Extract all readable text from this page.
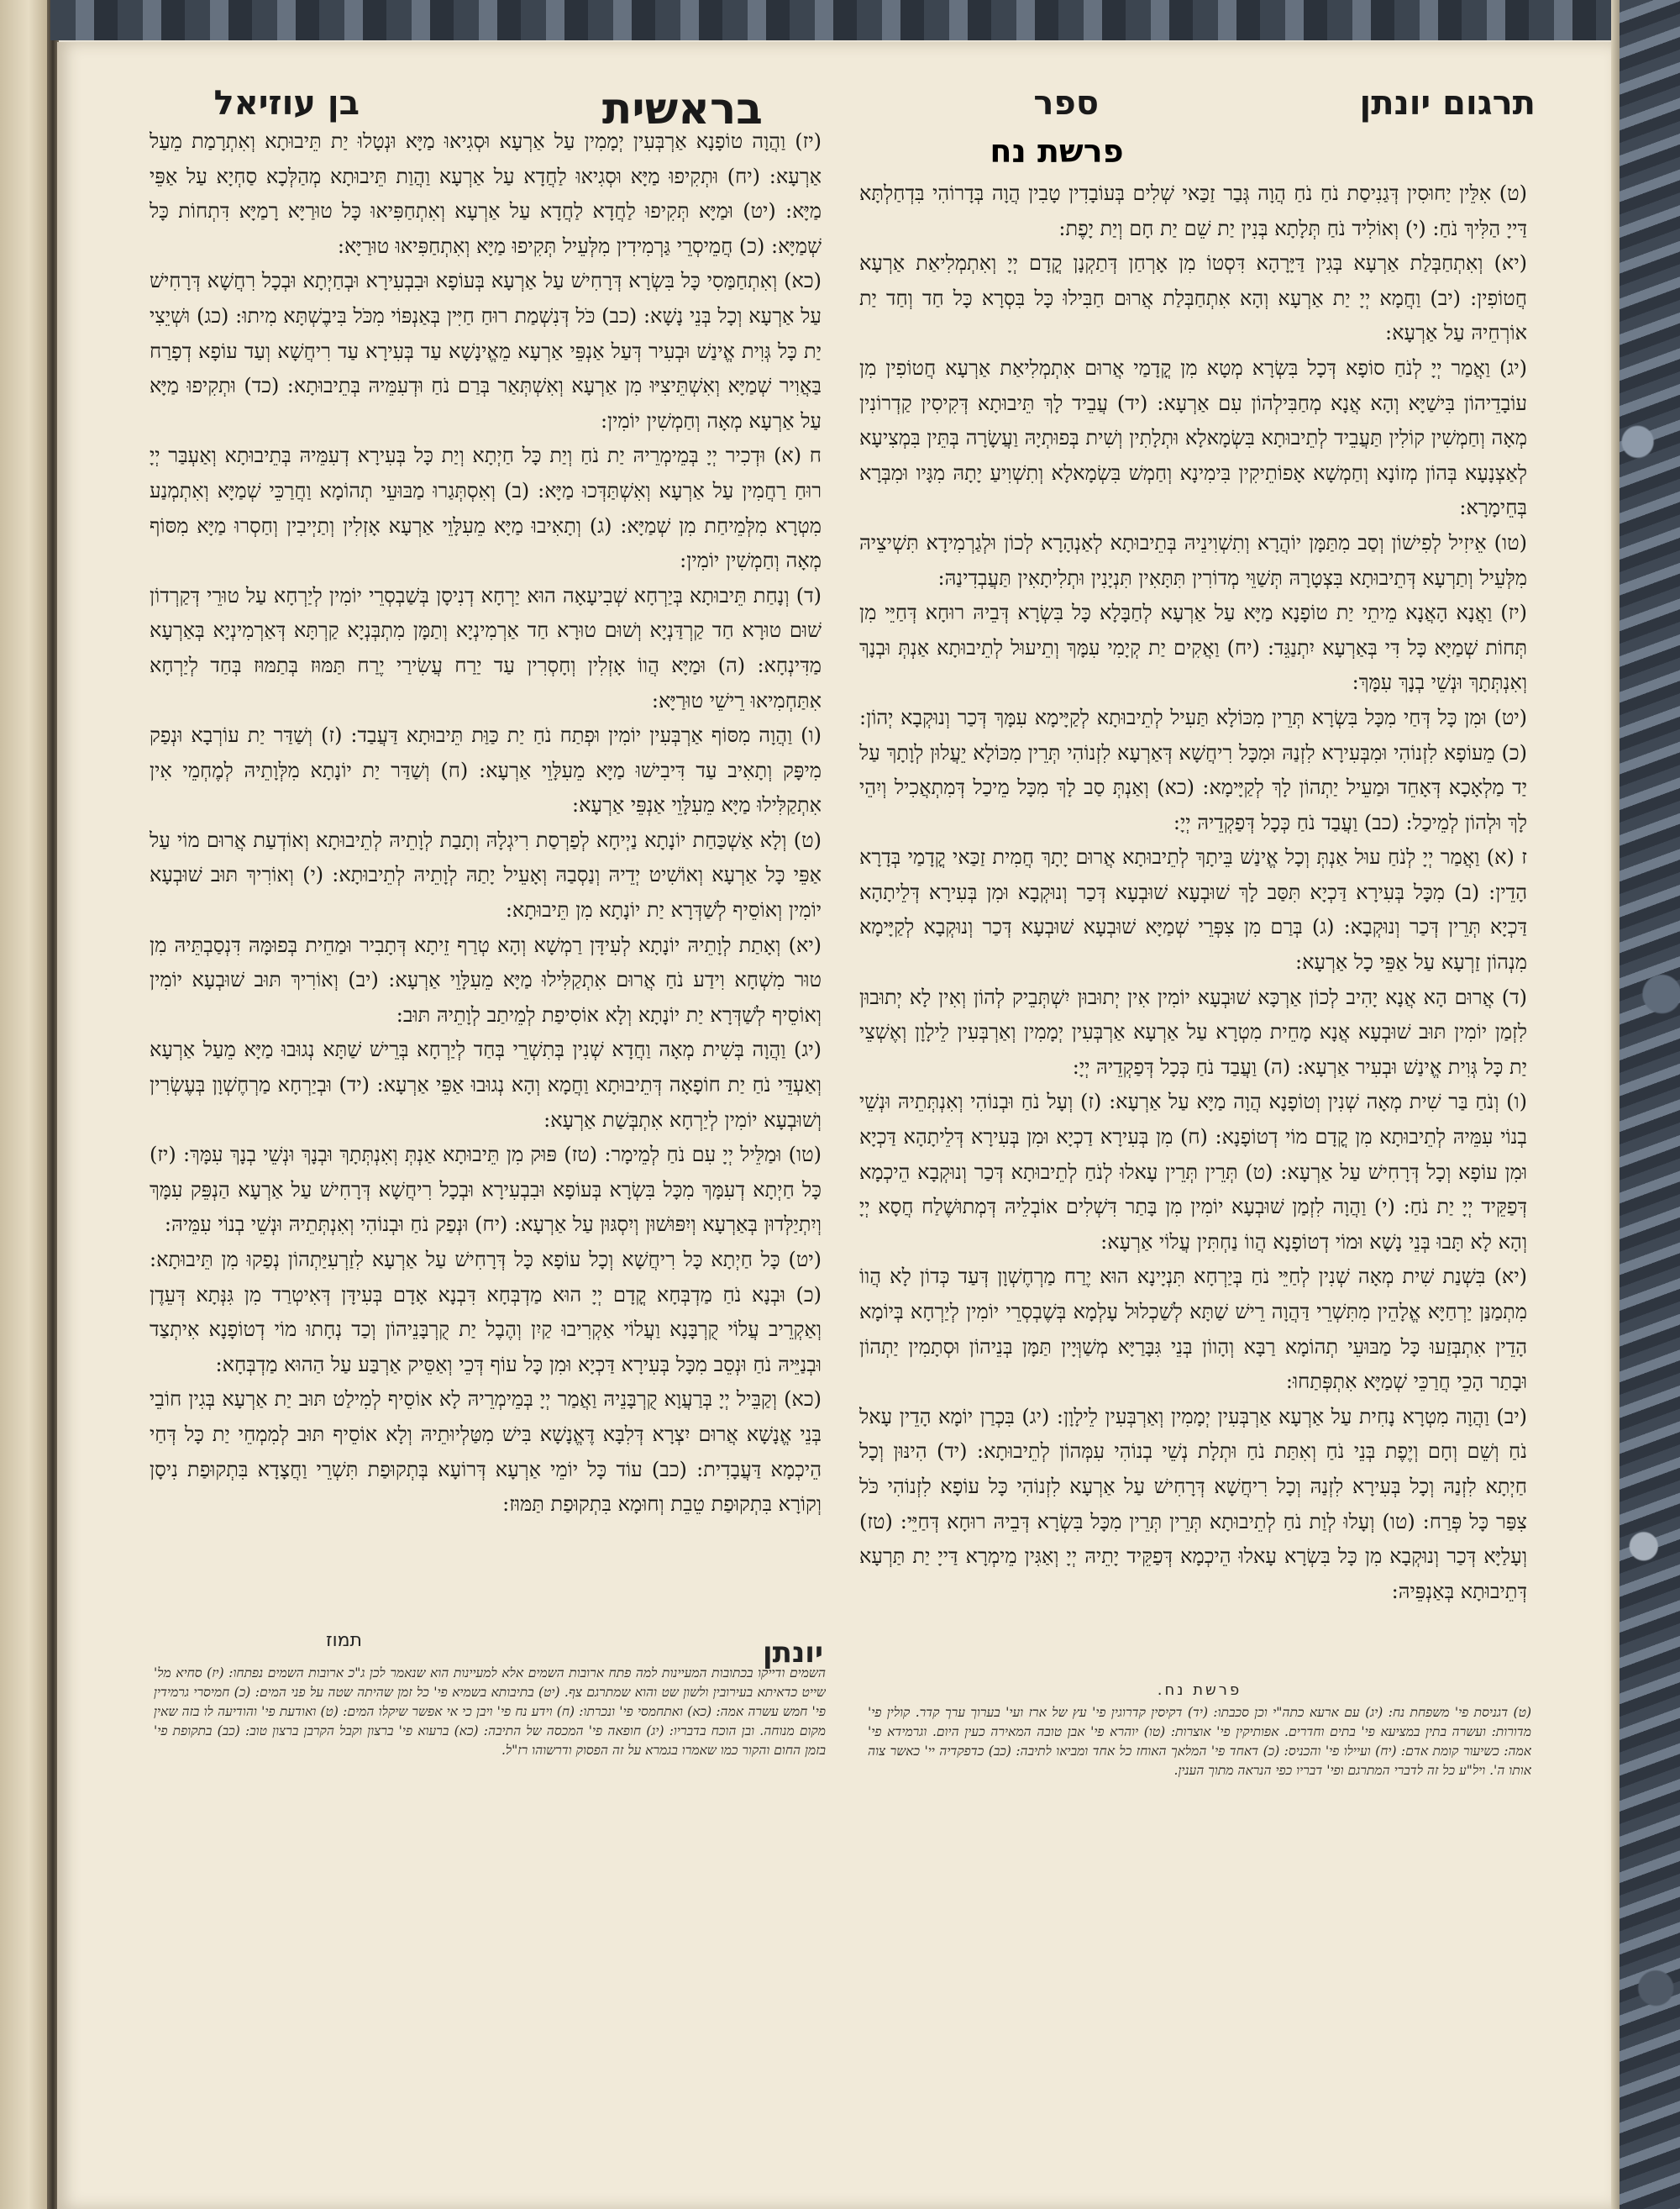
תרגום יונתן
ספר
בראשית
בן עוזיאל
פרשת נח

(ט) אִלֵּין יַחוּסִין דְּגַנִיסַת נֹחַ נֹחַ הֲוָה גְּבַר זַכַּאי שְׁלִים בְּעוֹבָדִין טָבִין הֲוָה בְּדָרוֹהִי בִּדְחַלְתָּא דַּייָ הַלִּיךְ נֹחַ: (י) וְאוֹלִיד נֹחַ תְּלָתָא בְּנִין יַת שֵׁם יַת חָם וְיַת יָפֶת:

(יא) וְאִתְחַבְּלַת אַרְעָא בְּגִין דַּיָּרָהָא דִּסְטוֹ מִן אָרְחַן דְּתַקְנָן קֳדָם יְיָ וְאִתְמְלִיאַת אַרְעָא חֲטוֹפִין: (יב) וַחֲמָא יְיָ יַת אַרְעָא וְהָא אִתְחַבְּלַת אֲרוּם חַבִּילוּ כָּל בִּסְרָא כָּל חַד וְחַד יַת אוֹרְחֵיהּ עַל אַרְעָא:

(יג) וַאֲמַר יְיָ לְנֹחַ סוֹפָא דְּכָל בִּשְׂרָא מְטָא מִן קֳדָמַי אֲרוּם אִתְמְלִיאַת אַרְעָא חֲטוֹפִין מִן עוֹבָדֵיהוֹן בִּישַׁיָּא וְהָא אֲנָא מְחַבִּילְהוֹן עִם אַרְעָא: (יד) עֲבֵיד לָךְ תֵּיבוּתָא דְּקִיסִין קַדְרוֹנִין מְאָה וְחַמְשִׁין קוֹלִין תַּעֲבֵיד לְתֵיבוּתָא בִּשְׂמָאלָא וּתְלָתִין וְשִׁית בְּפוּתְיָהּ וַעֲשָׂרָה בְּתֵּין בִּמְצִיעָא לְאַצְנָעָא בְּהוֹן מְזוֹנָא וְחַמְשָׁא אָפוֹתֵיקִין בִּימִינָא וְחַמְשׁ בִּשְׂמָאלָא וְתִשְׁוִיעַ יָתָהּ מִגָּיו וּמִבְּרָא בְּחֵימָרָא:

(טו) אֵיזִיל לְפִישׁוֹן וְסַב מִתַּמָּן יוֹהֲרָא וְתִשְׁוִינֵיהּ בְּתֵיבוּתָא לְאַנְהָרָא לְכוֹן וּלְגַרְמִידָא תִּשְׁיצֵיהּ מִלְּעֵיל וְתַרְעָא דְּתֵיבוּתָא בִּצְטָרָהּ תְּשַׁוֵּי מְדוֹרִין תִּתָּאִין תִּנְיָנִין וּתְלִיתָאִין תַּעֲבְדִינַהּ:

(יז) וַאֲנָא הָאֲנָא מֵיתֵי יַת טוֹפָנָא מַיָּא עַל אַרְעָא לְחַבָּלָא כָּל בִּשְׂרָא דְּבֵיהּ רוּחָא דְּחַיֵּי מִן תְּחוֹת שְׁמַיָּא כָּל דִּי בְּאַרְעָא יִתְנַגֵּד: (יח) וַאֲקִים יַת קְיָמִי עִמָּךְ וְתֵיעוּל לְתֵיבוּתָא אַנְתְּ וּבְנָךְ וְאִנְתְּתָךְ וּנְשֵׁי בְנָךְ עִמָּךְ:

(יט) וּמִן כָּל דְּחַי מִכָּל בִּשְׂרָא תְּרֵין מִכּוֹלָא תַּעִיל לְתֵיבוּתָא לְקַיָּימָא עִמָּךְ דְּכַר וְנוּקְבָא יְהוֹן: (כ) מֵעוֹפָא לִזְנוֹהִי וּמִבְּעִירָא לִזְנַהּ וּמִכָּל רִיחֲשָׁא דְּאַרְעָא לִזְנוֹהִי תְּרֵין מִכּוֹלָא יֵעֲלוּן לְוָתָךְ עַל יַד מַלְאָכָא דְּאָחֵד וּמַעֵיל יַתְהוֹן לָךְ לְקַיָּימָא: (כא) וְאַנְתְּ סַב לָךְ מִכָּל מֵיכַל דְּמִתְאֲכִיל וְיִהֵי לָךְ וּלְהוֹן לְמֵיכַל: (כב) וַעֲבַד נֹחַ כְּכָל דְּפַקְדֵיהּ יְיָ:

ז (א) וַאֲמַר יְיָ לְנֹחַ עוּל אַנְתְּ וְכָל אֱינַשׁ בֵּיתָךְ לְתֵיבוּתָא אֲרוּם יָתָךְ חֲמִית זַכַּאי קֳדָמַי בְּדָרָא הָדֵין: (ב) מִכָּל בְּעִירָא דַּכְיָא תִּסַּב לָךְ שׁוּבְעָא שׁוּבְעָא דְּכַר וְנוּקְבָא וּמִן בְּעִירָא דְּלֵיתָהָא דַּכְיָא תְּרֵין דְּכַר וְנוּקְבָא: (ג) בְּרַם מִן צִפְּרֵי שְׁמַיָּא שׁוּבְעָא שׁוּבְעָא דְּכַר וְנוּקְבָא לְקַיָּימָא מִנְהוֹן זַרְעָא עַל אַפֵּי כָל אַרְעָא:

(ד) אֲרוּם הָא אֲנָא יָהִיב לְכוֹן אַרְכָּא שׁוּבְעָא יוֹמִין אִין יְתוּבוּן יִשְׁתְּבֵיק לְהוֹן וְאִין לָא יְתוּבוּן לִזְמַן יוֹמִין תּוּב שׁוּבְעָא אֲנָא מָחֵית מִטְרָא עַל אַרְעָא אַרְבְּעִין יְמָמִין וְאַרְבְּעִין לֵילָוָן וְאֶשְׁצֵי יַת כָּל גְּוִית אֱינַשׁ וּבְעִיר אַרְעָא: (ה) וַעֲבַד נֹחַ כְּכָל דְּפַקְדֵיהּ יְיָ:

(ו) וְנֹחַ בַּר שִׁית מְאָה שְׁנִין וְטוֹפָנָא הֲוָה מַיָּא עַל אַרְעָא: (ז) וְעָל נֹחַ וּבְנוֹהִי וְאִנְתְּתֵיהּ וּנְשֵׁי בְנוֹי עִמֵּיהּ לְתֵיבוּתָא מִן קֳדָם מוֹי דְטוֹפָנָא: (ח) מִן בְּעִירָא דַכְיָא וּמִן בְּעִירָא דְּלֵיתָהָא דַּכְיָא וּמִן עוֹפָא וְכָל דְּרָחִישׁ עַל אַרְעָא: (ט) תְּרֵין תְּרֵין עָאלוּ לְנֹחַ לְתֵיבוּתָא דְּכַר וְנוּקְבָא הֵיכְמָא דְּפַקֵּיד יְיָ יַת נֹחַ: (י) וַהֲוָה לִזְמַן שׁוּבְעָא יוֹמִין מִן בָּתַר דִּשְׁלִים אוֹבְלֵיהּ דְּמְתוּשֶׁלַח חֲסָא יְיָ וְהָא לָא תָּבוּ בְּנֵי נָשָׁא וּמוֹי דְטוֹפָנָא הֲווֹ נַחְתִּין עֲלוֹי אַרְעָא:

(יא) בִּשְׁנַת שִׁית מְאָה שְׁנִין לְחַיֵּי נֹחַ בְּיַרְחָא תִּנְיָינָא הוּא יֶרַח מַרְחֶשְׁוָן דְּעַד כְּדוֹן לָא הֲווֹ מִתְמַנַּן יַרְחַיָּא אֱלָהֵין מִתִּשְׁרֵי דַּהֲוָה רֵישׁ שַׁתָּא לְשַׁכְלוּל עָלְמָא בְּשֶׁבְסְרֵי יוֹמִין לְיַרְחָא בְּיוֹמָא הָדֵין אִתְבְּזַעוּ כָּל מַבּוּעֵי תְהוֹמָא רַבָּא וְהָווֹן בְּנֵי גִּבָּרַיָּא מְשַׁוְּיָין תַּמָּן בְּנֵיהוֹן וּסְתָמִין יַתְהוֹן וּבָתַר הָכֵי חֲרַכֵּי שְׁמַיָּא אִתְפְּתַחוּ:

(יב) וַהֲוָה מִטְרָא נָחִית עַל אַרְעָא אַרְבְּעִין יְמָמִין וְאַרְבְּעִין לֵילָוָן: (יג) בִּכְרַן יוֹמָא הָדֵין עָאל נֹחַ וְשֵׁם וְחָם וְיֶפֶת בְּנֵי נֹחַ וְאִתַּת נֹחַ וּתְלָת נְשֵׁי בְנוֹהִי עִמְּהוֹן לְתֵיבוּתָא: (יד) הִינּוּן וְכָל חַיְתָא לִזְנַהּ וְכָל בְּעִירָא לִזְנַהּ וְכָל רִיחֲשָׁא דְּרָחִישׁ עַל אַרְעָא לִזְנוֹהִי כָּל עוֹפָא לִזְנוֹהִי כֹּל צִפַּר כָּל פְּרַח: (טו) וְעָלוּ לְוַת נֹחַ לְתֵיבוּתָא תְּרֵין תְּרֵין מִכָּל בִּשְׂרָא דְּבֵיהּ רוּחָא דְּחַיֵּי: (טז) וְעָלַיָּא דְּכַר וְנוּקְבָא מִן כָּל בִּשְׂרָא עָאלוּ הֵיכְמָא דְּפַקֵּיד יָתֵיהּ יְיָ וְאַגִּין מֵימְרָא דַּייָ יַת תַּרְעָא דְּתֵיבוּתָא בְּאַנְפֵּיהּ:

(יז) וַהֲוָה טוֹפָנָא אַרְבְּעִין יְמָמִין עַל אַרְעָא וּסְגִיאוּ מַיָּא וּנְטָלוּ יַת תֵּיבוּתָא וְאִתְרָמַת מֵעַל אַרְעָא: (יח) וּתְקִיפוּ מַיָּא וּסְגִיאוּ לַחֲדָא עַל אַרְעָא וַהֲוַת תֵּיבוּתָא מְהַלְּכָא סַחְיָא עַל אַפֵּי מַיָּא: (יט) וּמַיָּא תְּקִיפוּ לַחֲדָא לַחֲדָא עַל אַרְעָא וְאִתְחַפִּיאוּ כָּל טוּרַיָּא רָמַיָּא דִּתְחוֹת כָּל שְׁמַיָּא: (כ) חֲמֵיסְרֵי גַּרְמִידִין מִלְּעֵיל תְּקִיפוּ מַיָּא וְאִתְחַפִּיאוּ טוּרַיָּא:

(כא) וְאִתְחַמַּסִי כָּל בִּשְׂרָא דְּרָחִישׁ עַל אַרְעָא בְּעוֹפָא וּבִבְעִירָא וּבְחַיְתָא וּבְכָל רִחֲשָׁא דְּרָחִישׁ עַל אַרְעָא וְכָל בְּנֵי נָשָׁא: (כב) כֹּל דְּנִשְׁמַת רוּחַ חַיִּין בְּאַנְפּוֹי מִכֹּל בִּיבֶשְׁתָּא מִיתוּ: (כג) וּשְׁיֵצִי יַת כָּל גְּוִית אֱינַשׁ וּבְעִיר דְּעַל אַנְפֵּי אַרְעָא מֵאֱינָשָׁא עַד בְּעִירָא עַד רִיחֲשָׁא וְעַד עוֹפָא דְפָרַח בַּאֲוִיר שְׁמַיָּא וְאִשְׁתֵּיצִיּוּ מִן אַרְעָא וְאִשְׁתְּאַר בְּרַם נֹחַ וּדְעִמֵּיהּ בְּתֵיבוּתָא: (כד) וּתְקִיפוּ מַיָּא עַל אַרְעָא מְאָה וְחַמְשִׁין יוֹמִין:

ח (א) וּדְכִיר יְיָ בְּמֵימְרֵיהּ יַת נֹחַ וְיַת כָּל חַיְתָא וְיַת כָּל בְּעִירָא דְעִמֵּיהּ בְּתֵיבוּתָא וְאַעְבַּר יְיָ רוּחַ רַחֲמִין עַל אַרְעָא וְאִשְׁתַּדְּכוּ מַיָּא: (ב) וְאִסְתְּגַרוּ מַבּוּעֵי תְהוֹמָא וַחֲרַכֵּי שְׁמַיָּא וְאִתְמְנַע מִטְרָא מִלְּמֵיחַת מִן שְׁמַיָּא: (ג) וְתָאִיבוּ מַיָּא מֵעִלָּוֵי אַרְעָא אָזְלִין וְתַיְיבִין וְחַסְרוּ מַיָּא מִסּוֹף מְאָה וְחַמְשִׁין יוֹמִין:

(ד) וְנָחַת תֵּיבוּתָא בְּיַרְחָא שְׁבִיעָאָה הוּא יַרְחָא דְנִיסָן בְּשַׁבְסְרֵי יוֹמִין לְיַרְחָא עַל טוּרֵי דְּקַרְדוֹן שׁוּם טוּרָא חַד קַרְדַּנְיָא וְשׁוּם טוּרָא חַד אַרְמִינְיָא וְתַמָּן מִתְבְּנְיָא קַרְתָּא דְּאַרְמִינְיָא בְּאַרְעָא מַדִּינְחָא: (ה) וּמַיָּא הֲווֹ אָזְלִין וְחָסְרִין עַד יַרַח עֲשִׂירַי יֶרַח תַּמּוּז בְּתַמּוּז בְּחַד לְיַרְחָא אִתַּחְמִיאוּ רֵישֵׁי טוּרַיָּא:

(ו) וַהֲוָה מִסּוֹף אַרְבְּעִין יוֹמִין וּפְתַח נֹחַ יַת כַּוַּת תֵּיבוּתָא דַּעֲבַד: (ז) וְשַׁדַּר יַת עוֹרְבָא וּנְפַק מִיפָּק וְתָאִיב עַד דִּיבִישׁוּ מַיָּא מֵעִלָּוֵי אַרְעָא: (ח) וְשַׁדַּר יַת יוֹנָתָא מִלְּוָתֵיהּ לְמֶחְמֵי אִין אִתְקַלִּילוּ מַיָּא מֵעִלָּוֵי אַנְפֵּי אַרְעָא:

(ט) וְלָא אַשְׁכַּחַת יוֹנָתָא נַיְיחָא לְפַרְסַת רִיגְלָהּ וְתָבַת לְוָתֵיהּ לְתֵיבוּתָא וְאוֹדְעַת אֲרוּם מוֹי עַל אַפֵּי כָּל אַרְעָא וְאוֹשִׁיט יְדֵיהּ וְנַסְבַהּ וְאָעֵיל יָתַהּ לְוָתֵיהּ לְתֵיבוּתָא: (י) וְאוֹרִיךְ תּוּב שׁוּבְעָא יוֹמִין וְאוֹסֵיף לְשַׁדְּרָא יַת יוֹנָתָא מִן תֵּיבוּתָא:

(יא) וְאָתַת לְוָתֵיהּ יוֹנָתָא לְעִידָּן רַמְשָׁא וְהָא טְרַף זֵיתָא דְּתָבִיר וּמַחֵית בְּפוּמָּהּ דִּנְסַבְתֵּיהּ מִן טוּר מִשְׁחָא וִידַע נֹחַ אֲרוּם אִתְקַלִּילוּ מַיָּא מֵעִלָּוֵי אַרְעָא: (יב) וְאוֹרִיךְ תּוּב שׁוּבְעָא יוֹמִין וְאוֹסֵיף לְשַׁדְּרָא יַת יוֹנָתָא וְלָא אוֹסִיפַת לְמֵיתַב לְוָתֵיהּ תּוּב:

(יג) וַהֲוָה בְּשִׁית מְאָה וַחֲדָא שְׁנִין בְּתִשְׁרֵי בְּחַד לְיַרְחָא בְּרֵישׁ שַׁתָּא נְגוּבוּ מַיָּא מֵעַל אַרְעָא וְאַעְדֵּי נֹחַ יַת חוֹפָאָה דְּתֵיבוּתָא וַחֲמָא וְהָא נְגוּבוּ אַפֵּי אַרְעָא: (יד) וּבְיַרְחָא מַרְחֶשְׁוָן בְּעֶשְׂרִין וְשׁוּבְעָא יוֹמִין לְיַרְחָא אִתְבְּשַׁת אַרְעָא:

(טו) וּמַלֵּיל יְיָ עִם נֹחַ לְמֵימָר: (טז) פּוּק מִן תֵּיבוּתָא אַנְתְּ וְאִנְתְּתָךְ וּבְנָךְ וּנְשֵׁי בְנָךְ עִמָּךְ: (יז) כָּל חַיְתָא דְעִמָּךְ מִכָּל בִּשְׂרָא בְּעוֹפָא וּבִבְעִירָא וּבְכָל רִיחֲשָׁא דְּרָחִישׁ עַל אַרְעָא הַנְפֵּק עִמָּךְ וְיִתְיַלְּדוּן בְּאַרְעָא וְיִפּוּשׁוּן וְיִסְגּוּן עַל אַרְעָא: (יח) וּנְפַק נֹחַ וּבְנוֹהִי וְאִנְתְּתֵיהּ וּנְשֵׁי בְנוֹי עִמֵּיהּ:

(יט) כָּל חַיְתָא כָּל רִיחֲשָׁא וְכָל עוֹפָא כָּל דְּרָחִישׁ עַל אַרְעָא לִזַרְעִיַּתְהוֹן נְפַקוּ מִן תֵּיבוּתָא: (כ) וּבְנָא נֹחַ מַדְבְּחָא קֳדָם יְיָ הוּא מַדְבְּחָא דִּבְנָא אָדָם בְּעִידָּן דְּאִיטְרַד מִן גִּנְּתָא דְּעֵדֶן וְאַקְרֵיב עֲלוֹי קֻרְבָּנָא וַעֲלוֹי אַקְרִיבוּ קַיִן וְהֶבֶל יַת קֻרְבָּנֵיהוֹן וְכַד נְחָתוּ מוֹי דְטוֹפָנָא אִיתְצַד וּבְנַיֵּיהּ נֹחַ וּנְסֵב מִכָּל בְּעִירָא דַּכְיָא וּמִן כָּל עוֹף דְּכֵי וְאַסֵּיק אַרְבַּע עַל הַהוּא מַדְבְּחָא:

(כא) וְקַבֵּיל יְיָ בְּרַעֲוָא קֻרְבָּנֵיהּ וַאֲמַר יְיָ בְּמֵימְרֵיהּ לָא אוֹסֵיף לְמִילַט תּוּב יַת אַרְעָא בְּגִין חוֹבֵי בְּנֵי אֱנָשָׁא אֲרוּם יִצְרָא דְּלִבָּא דֶּאֱנָשָׁא בִּישׁ מִטַּלְיוּתֵיהּ וְלָא אוֹסֵיף תּוּב לְמִמְחֵי יַת כָּל דְּחַי הֵיכְמָא דַּעֲבָדִית: (כב) עוֹד כָּל יוֹמֵי אַרְעָא דְּרוֹעָא בְּתְקוּפַת תִּשְׁרֵי וַחֲצָדָא בִּתְקוּפַת נִיסָן וְקוֹרָא בִּתְקוּפַת טֵבֵת וְחוּמָא בִּתְקוּפַת תַּמּוּז:

תמוז	יונתן
פרשת נח.
(ט) דגניסת פי' משפחת נח: (יג) עם ארעא כתה"י וכן סכבתו: (יד) דקיסין קדרוגין פי' עץ של ארז ועי' בערוך ערך קדר. קולין פי' מדורות: ועשרה בתין במציעא פי' בתים וחדרים. אפותיקין פי' אוצרות: (טו) יוהרא פי' אבן טובה המאירה כעין היום. וגרמידא פי' אמה: כשיעור קומת אדם: (יח) ועיילו פי' והכניס: (כ) דאחד פי' המלאך האוחז כל אחד ומביאו לתיבה: (כב) כדפקדיה יי' כאשר צוה אותו ה'. ויל"ע כל זה לדברי המתרגם ופי' דבריו כפי הנראה מתוך הענין.
השמים ודייקו בכתובות המעיינות למה פתח ארובות השמים אלא למעיינות הוא שנאמר לכן ג"כ ארובות השמים נפתחו: (יז) סחיא מל' שייט כדאיתא בעירובין ולשון שט והוא שמתרגם צף. (יט) בתיבותא בשמיא פי' כל זמן שהיתה שטה על פני המים: (כ) חמיסרי גרמידין פי' חמש עשרה אמה: (כא) ואתחמסי פי' ונכרתו: (ח) וידע נח פי' ויבן כי אי אפשר שיקלו המים: (ט) ואודעת פי' והודיעה לו בזה שאין מקום מנוחה. ובן הוכח בדבריו: (יג) חופאה פי' המכסה של התיבה: (כא) ברעוא פי' ברצון וקבל הקרבן ברצון טוב: (כב) בתקופת פי' בזמן החום והקור כמו שאמרו בגמרא על זה הפסוק ודרשוהו רז"ל.
